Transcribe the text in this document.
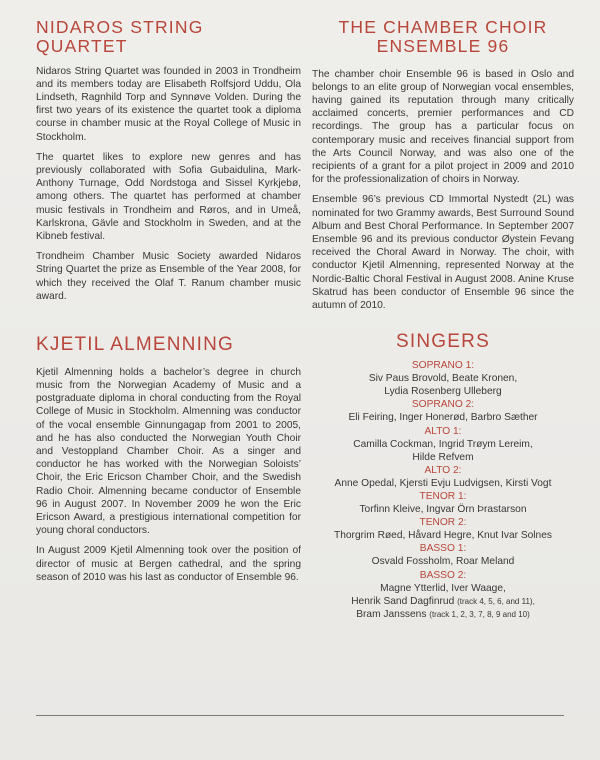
NIDAROS STRING QUARTET

Nidaros String Quartet was founded in 2003 in Trondheim and its members today are Elisabeth Rolfsjord Uddu, Ola Lindseth, Ragnhild Torp and Synnøve Volden. During the first two years of its existence the quartet took a diploma course in chamber music at the Royal College of Music in Stockholm.

The quartet likes to explore new genres and has previously collaborated with Sofia Gubaidulina, Mark-Anthony Turnage, Odd Nordstoga and Sissel Kyrkjebø, among others. The quartet has performed at chamber music festivals in Trondheim and Røros, and in Umeå, Karlskrona, Gävle and Stockholm in Sweden, and at the Kibneb festival.

Trondheim Chamber Music Society awarded Nidaros String Quartet the prize as Ensemble of the Year 2008, for which they received the Olaf T. Ranum chamber music award.

KJETIL ALMENNING

Kjetil Almenning holds a bachelor’s degree in church music from the Norwegian Academy of Music and a postgraduate diploma in choral conducting from the Royal College of Music in Stockholm. Almenning was conductor of the vocal ensemble Ginnungagap from 2001 to 2005, and he has also conducted the Norwegian Youth Choir and Vestoppland Chamber Choir. As a singer and conductor he has worked with the Norwegian Soloists’ Choir, the Eric Ericson Chamber Choir, and the Swedish Radio Choir. Almenning became conductor of Ensemble 96 in August 2007. In November 2009 he won the Eric Ericson Award, a prestigious international competition for young choral conductors.

In August 2009 Kjetil Almenning took over the position of director of music at Bergen cathedral, and the spring season of 2010 was his last as conductor of Ensemble 96.

THE CHAMBER CHOIR
ENSEMBLE 96

The chamber choir Ensemble 96 is based in Oslo and belongs to an elite group of Norwegian vocal ensembles, having gained its reputation through many critically acclaimed concerts, premier performances and CD recordings. The group has a particular focus on contemporary music and receives financial support from the Arts Council Norway, and was also one of the recipients of a grant for a pilot project in 2009 and 2010 for the professionalization of choirs in Norway.

Ensemble 96’s previous CD Immortal Nystedt (2L) was nominated for two Grammy awards, Best Surround Sound Album and Best Choral Performance. In September 2007 Ensemble 96 and its previous conductor Øystein Fevang received the Choral Award in Norway. The choir, with conductor Kjetil Almenning, represented Norway at the Nordic-Baltic Choral Festival in August 2008. Anine Kruse Skatrud has been conductor of Ensemble 96 since the autumn of 2010.

SINGERS
SOPRANO 1:
Siv Paus Brovold, Beate Kronen,
Lydia Rosenberg Ulleberg
SOPRANO 2:
Eli Feiring, Inger Honerød, Barbro Sæther
ALTO 1:
Camilla Cockman, Ingrid Trøym Lereim,
Hilde Refvem
ALTO 2:
Anne Opedal, Kjersti Evju Ludvigsen, Kirsti Vogt
TENOR 1:
Torfinn Kleive, Ingvar Örn Þrastarson
TENOR 2:
Thorgrim Røed, Håvard Hegre, Knut Ivar Solnes
BASSO 1:
Osvald Fossholm, Roar Meland
BASSO 2:
Magne Ytterlid, Iver Waage,
Henrik Sand Dagfinrud (track 4, 5, 6, and 11),
Bram Janssens (track 1, 2, 3, 7, 8, 9 and 10)
